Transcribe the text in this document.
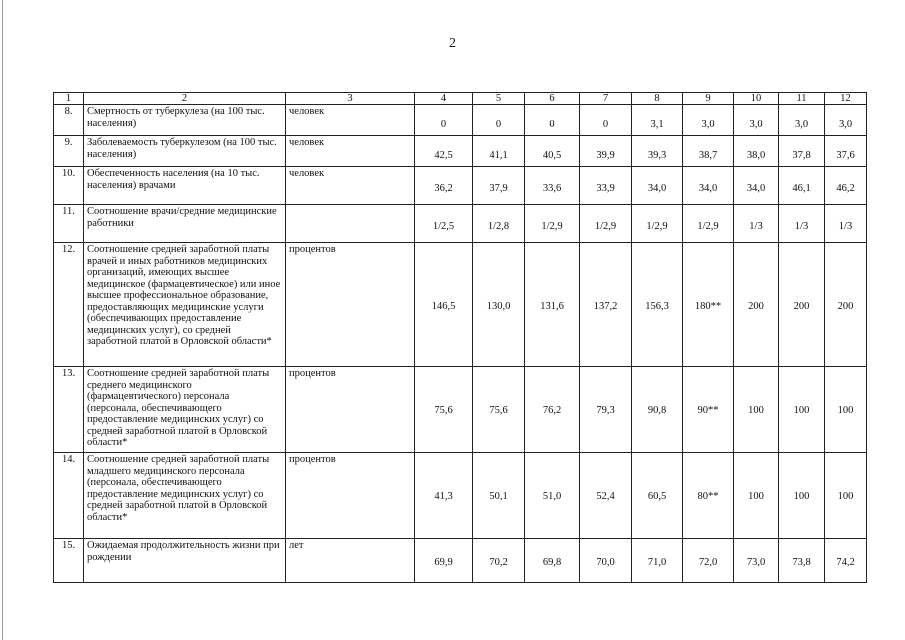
2
1	2	3	4	5	6	7	8	9	10	11	12
8.	Смертность от туберкулеза (на 100 тыс. населения)	человек	0	0	0	0	3,1	3,0	3,0	3,0	3,0
9.	Заболеваемость туберкулезом (на 100 тыс. населения)	человек	42,5	41,1	40,5	39,9	39,3	38,7	38,0	37,8	37,6
10.	Обеспеченность населения (на 10 тыс. населения) врачами	человек	36,2	37,9	33,6	33,9	34,0	34,0	34,0	46,1	46,2
11.	Соотношение врачи/средние медицинские работники		1/2,5	1/2,8	1/2,9	1/2,9	1/2,9	1/2,9	1/3	1/3	1/3
12.	Соотношение средней заработной платы врачей и иных работников медицинских организаций, имеющих высшее медицинское (фармацевтическое) или иное высшее профессиональное образование, предоставляющих медицинские услуги (обеспечивающих предоставление медицинских услуг), со средней заработной платой в Орловской области*	процентов	146,5	130,0	131,6	137,2	156,3	180**	200	200	200
13.	Соотношение средней заработной платы среднего медицинского (фармацевтического) персонала (персонала, обеспечивающего предоставление медицинских услуг) со средней заработной платой в Орловской области*	процентов	75,6	75,6	76,2	79,3	90,8	90**	100	100	100
14.	Соотношение средней заработной платы младшего медицинского персонала (персонала, обеспечивающего предоставление медицинских услуг) со средней заработной платой в Орловской области*	процентов	41,3	50,1	51,0	52,4	60,5	80**	100	100	100
15.	Ожидаемая продолжительность жизни при рождении	лет	69,9	70,2	69,8	70,0	71,0	72,0	73,0	73,8	74,2
